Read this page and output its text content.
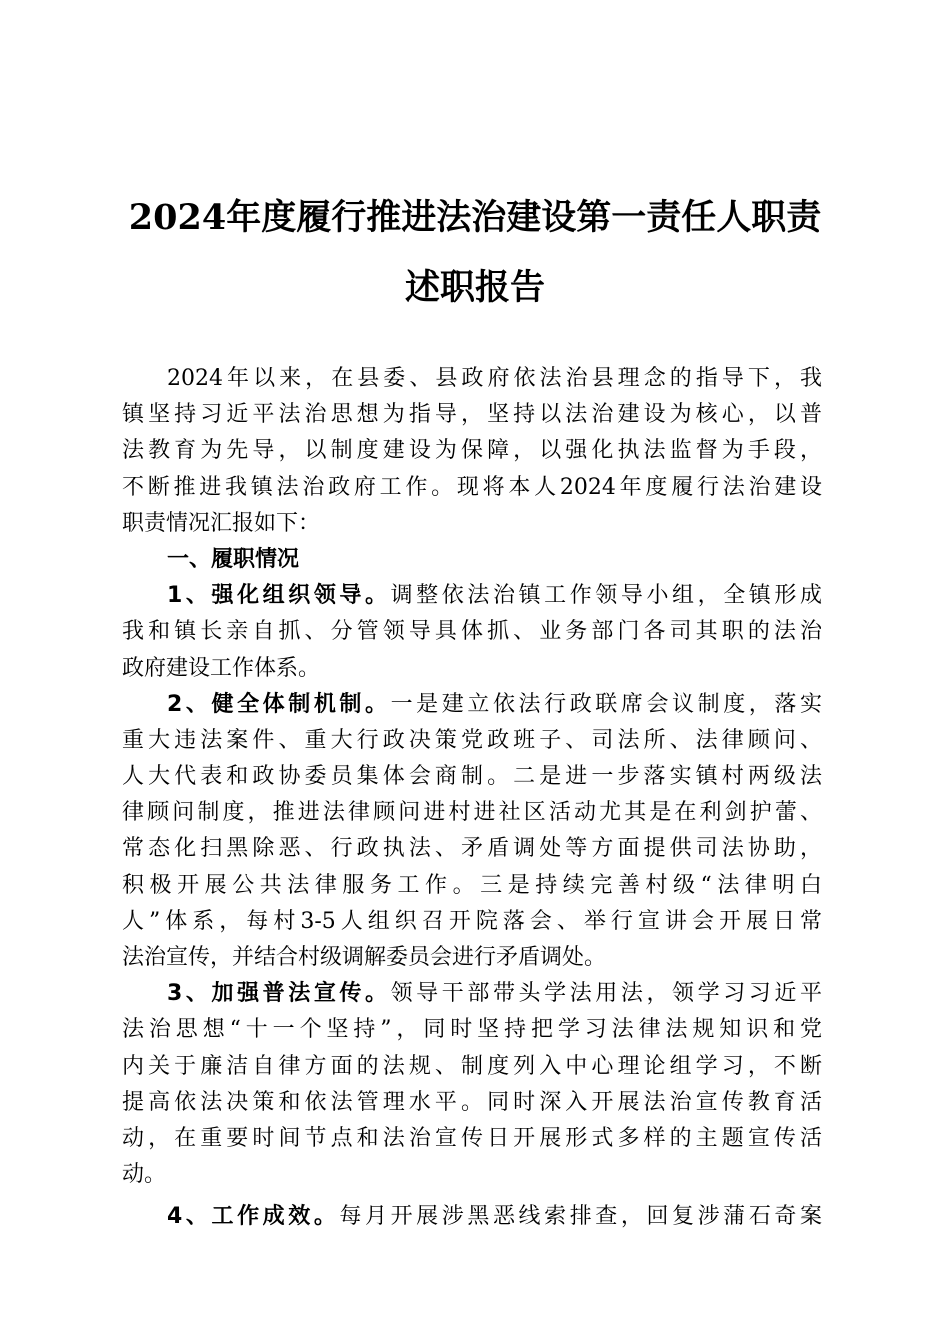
2024年度履行推进法治建设第一责任人职责
述职报告
2024年以来，在县委、县政府依法治县理念的指导下，我
镇坚持习近平法治思想为指导，坚持以法治建设为核心，以普
法教育为先导，以制度建设为保障，以强化执法监督为手段，
不断推进我镇法治政府工作。现将本人2024年度履行法治建设
职责情况汇报如下：
一、履职情况
1、强化组织领导。调整依法治镇工作领导小组，全镇形成
我和镇长亲自抓、分管领导具体抓、业务部门各司其职的法治
政府建设工作体系。
2、健全体制机制。一是建立依法行政联席会议制度，落实
重大违法案件、重大行政决策党政班子、司法所、法律顾问、
人大代表和政协委员集体会商制。二是进一步落实镇村两级法
律顾问制度，推进法律顾问进村进社区活动尤其是在利剑护蕾、
常态化扫黑除恶、行政执法、矛盾调处等方面提供司法协助，
积极开展公共法律服务工作。三是持续完善村级“法律明白
人”体系，每村3-5人组织召开院落会、举行宣讲会开展日常
法治宣传，并结合村级调解委员会进行矛盾调处。
3、加强普法宣传。领导干部带头学法用法，领学习习近平
法治思想“十一个坚持”，同时坚持把学习法律法规知识和党
内关于廉洁自律方面的法规、制度列入中心理论组学习，不断
提高依法决策和依法管理水平。同时深入开展法治宣传教育活
动，在重要时间节点和法治宣传日开展形式多样的主题宣传活
动。
4、工作成效。每月开展涉黑恶线索排查，回复涉蒲石奇案
